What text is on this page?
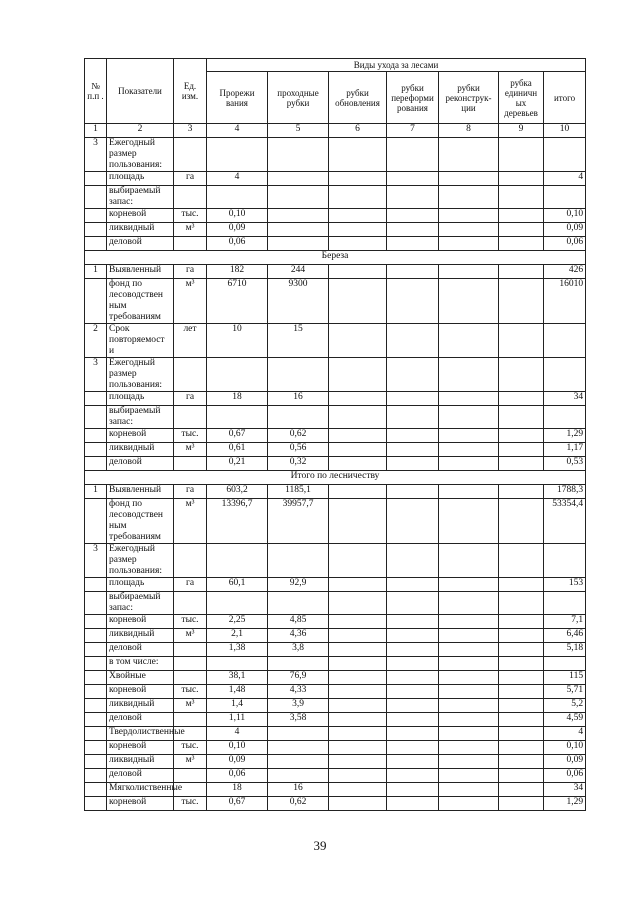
№ п.п .	Показатели	Ед. изм.	Виды ухода за лесами						
			Прорежи вания	проходные рубки	рубки обновления	рубки переформи рования	рубки реконструк- ции	рубка единичн ых деревьев	итого
1	2	3	4	5	6	7	8	9	10
3	Ежегодный размер пользования:								
	площадь	га	4						4
	выбираемый запас:								
	корневой	тыс.	0,10						0,10
	ликвидный	м³	0,09						0,09
	деловой		0,06						0,06
Береза									
1	Выявленный	га	182	244					426
	фонд по лесоводствен ным требованиям	м³	6710	9300					16010
2	Срок повторяемост и	лет	10	15					
3	Ежегодный размер пользования:								
	площадь	га	18	16					34
	выбираемый запас:								
	корневой	тыс.	0,67	0,62					1,29
	ликвидный	м³	0,61	0,56					1,17
	деловой		0,21	0,32					0,53
Итого по лесничеству									
1	Выявленный	га	603,2	1185,1					1788,3
	фонд по лесоводствен ным требованиям	м³	13396,7	39957,7					53354,4
3	Ежегодный размер пользования:								
	площадь	га	60,1	92,9					153
	выбираемый запас:								
	корневой	тыс.	2,25	4,85					7,1
	ликвидный	м³	2,1	4,36					6,46
	деловой		1,38	3,8					5,18
	в том числе:								
	Хвойные		38,1	76,9					115
	корневой	тыс.	1,48	4,33					5,71
	ликвидный	м³	1,4	3,9					5,2
	деловой		1,11	3,58					4,59
	Твердолиственные		4						4
	корневой	тыс.	0,10						0,10
	ликвидный	м³	0,09						0,09
	деловой		0,06						0,06
	Мягколиственные		18	16					34
	корневой	тыс.	0,67	0,62					1,29
39
